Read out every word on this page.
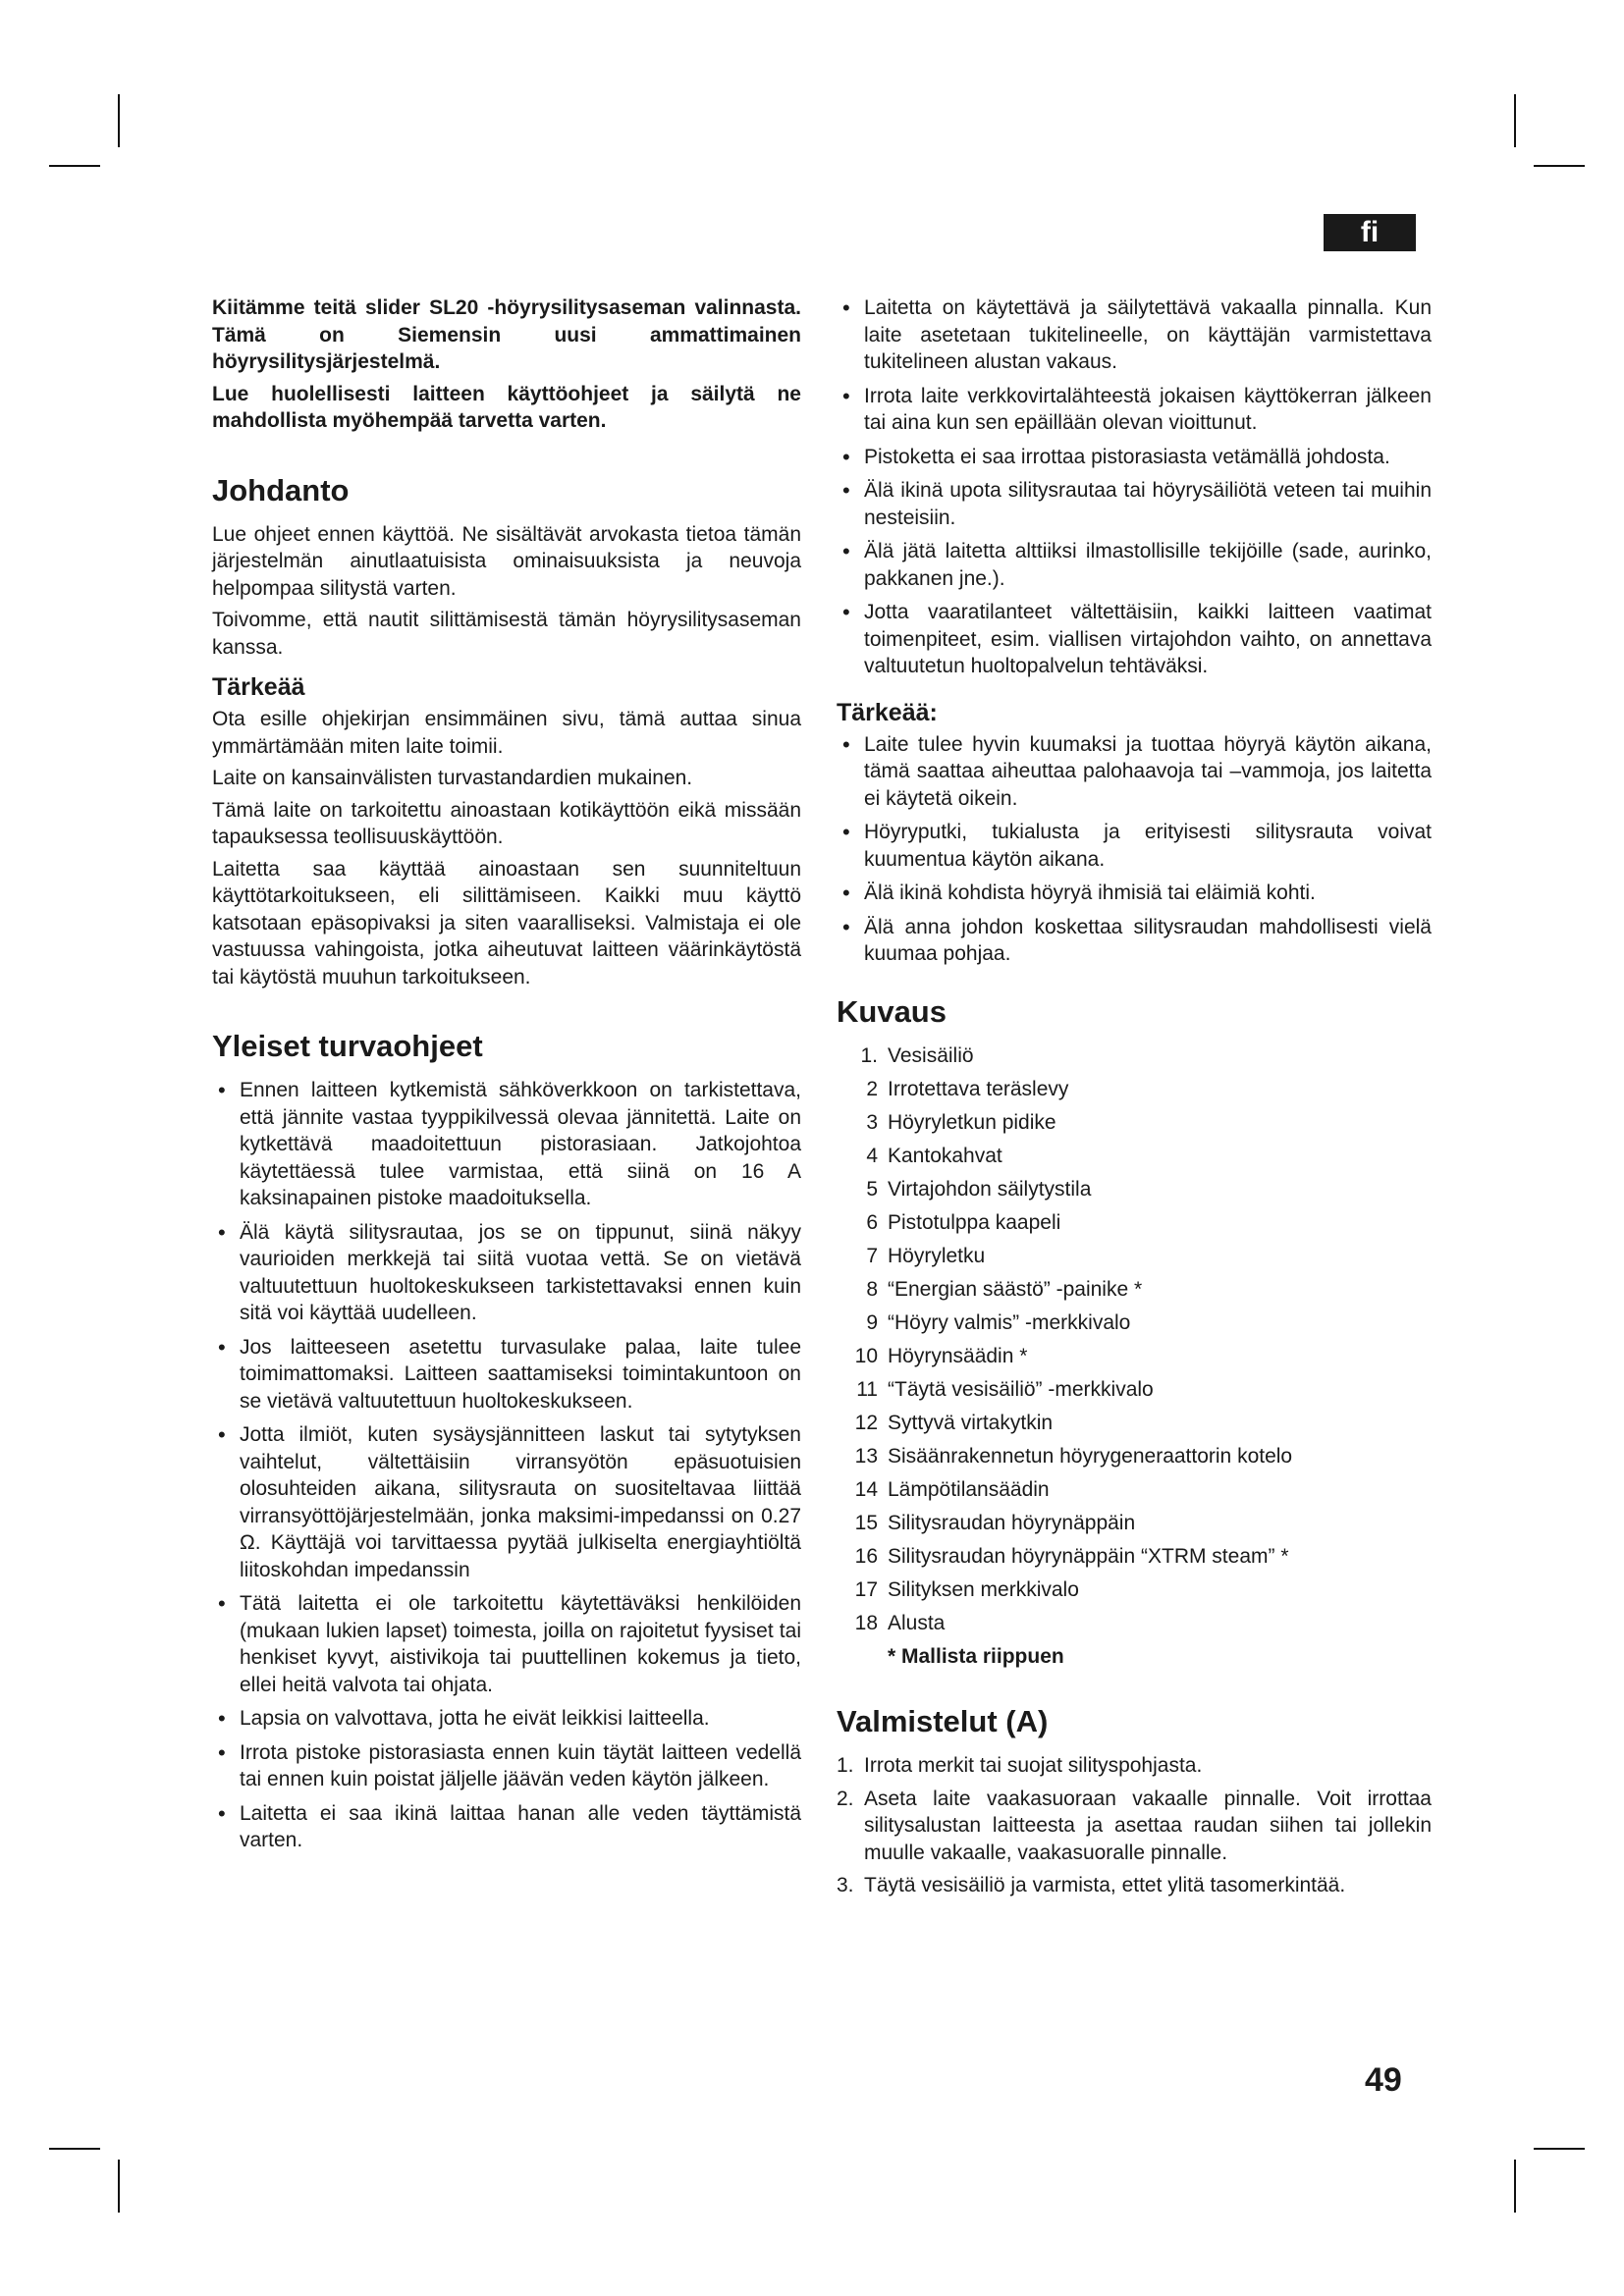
fi

Kiitämme teitä slider SL20 -höyrysilitysaseman valinnasta. Tämä on Siemensin uusi ammattimainen höyrysilitysjärjestelmä.

Lue huolellisesti laitteen käyttöohjeet ja säilytä ne mahdollista myöhempää tarvetta varten.

Johdanto

Lue ohjeet ennen käyttöä. Ne sisältävät arvokasta tietoa tämän järjestelmän ainutlaatuisista ominaisuuksista ja neuvoja helpompaa silitystä varten.

Toivomme, että nautit silittämisestä tämän höyrysilitysaseman kanssa.

Tärkeää

Ota esille ohjekirjan ensimmäinen sivu, tämä auttaa sinua ymmärtämään miten laite toimii.

Laite on kansainvälisten turvastandardien mukainen.

Tämä laite on tarkoitettu ainoastaan kotikäyttöön eikä missään tapauksessa teollisuuskäyttöön.

Laitetta saa käyttää ainoastaan sen suunniteltuun käyttötarkoitukseen, eli silittämiseen. Kaikki muu käyttö katsotaan epäsopivaksi ja siten vaaralliseksi. Valmistaja ei ole vastuussa vahingoista, jotka aiheutuvat laitteen väärinkäytöstä tai käytöstä muuhun tarkoitukseen.

Yleiset turvaohjeet
• Ennen laitteen kytkemistä sähköverkkoon on tarkistettava, että jännite vastaa tyyppikilvessä olevaa jännitettä. Laite on kytkettävä maadoitettuun pistorasiaan. Jatkojohtoa käytettäessä tulee varmistaa, että siinä on 16 A kaksinapainen pistoke maadoituksella.
• Älä käytä silitysrautaa, jos se on tippunut, siinä näkyy vaurioiden merkkejä tai siitä vuotaa vettä. Se on vietävä valtuutettuun huoltokeskukseen tarkistettavaksi ennen kuin sitä voi käyttää uudelleen.
• Jos laitteeseen asetettu turvasulake palaa, laite tulee toimimattomaksi. Laitteen saattamiseksi toimintakuntoon on se vietävä valtuutettuun huoltokeskukseen.
• Jotta ilmiöt, kuten sysäysjännitteen laskut tai sytytyksen vaihtelut, vältettäisiin virransyötön epäsuotuisien olosuhteiden aikana, silitysrauta on suositeltavaa liittää virransyöttöjärjestelmään, jonka maksimi-impedanssi on 0.27 Ω. Käyttäjä voi tarvittaessa pyytää julkiselta energiayhtiöltä liitoskohdan impedanssin
• Tätä laitetta ei ole tarkoitettu käytettäväksi henkilöiden (mukaan lukien lapset) toimesta, joilla on rajoitetut fyysiset tai henkiset kyvyt, aistivikoja tai puuttellinen kokemus ja tieto, ellei heitä valvota tai ohjata.
• Lapsia on valvottava, jotta he eivät leikkisi laitteella.
• Irrota pistoke pistorasiasta ennen kuin täytät laitteen vedellä tai ennen kuin poistat jäljelle jäävän veden käytön jälkeen.
• Laitetta ei saa ikinä laittaa hanan alle veden täyttämistä varten.
• Laitetta on käytettävä ja säilytettävä vakaalla pinnalla. Kun laite asetetaan tukitelineelle, on käyttäjän varmistettava tukitelineen alustan vakaus.
• Irrota laite verkkovirtalähteestä jokaisen käyttökerran jälkeen tai aina kun sen epäillään olevan vioittunut.
• Pistoketta ei saa irrottaa pistorasiasta vetämällä johdosta.
• Älä ikinä upota silitysrautaa tai höyrysäiliötä veteen tai muihin nesteisiin.
• Älä jätä laitetta alttiiksi ilmastollisille tekijöille (sade, aurinko, pakkanen jne.).
• Jotta vaaratilanteet vältettäisiin, kaikki laitteen vaatimat toimenpiteet, esim. viallisen virtajohdon vaihto, on annettava valtuutetun huoltopalvelun tehtäväksi.
Tärkeää:
• Laite tulee hyvin kuumaksi ja tuottaa höyryä käytön aikana, tämä saattaa aiheuttaa palohaavoja tai –vammoja, jos laitetta ei käytetä oikein.
• Höyryputki, tukialusta ja erityisesti silitysrauta voivat kuumentua käytön aikana.
• Älä ikinä kohdista höyryä ihmisiä tai eläimiä kohti.
• Älä anna johdon koskettaa silitysraudan mahdollisesti vielä kuumaa pohjaa.
Kuvaus
1. Vesisäiliö
2 Irrotettava teräslevy
3 Höyryletkun pidike
4 Kantokahvat
5 Virtajohdon säilytystila
6 Pistotulppa kaapeli
7 Höyryletku
8 “Energian säästö” -painike *
9 “Höyry valmis” -merkkivalo
10 Höyrynsäädin *
11 “Täytä vesisäiliö” -merkkivalo
12 Syttyvä virtakytkin
13 Sisäänrakennetun höyrygeneraattorin kotelo
14 Lämpötilansäädin
15 Silitysraudan höyrynäppäin
16 Silitysraudan höyrynäppäin “XTRM steam” *
17 Silityksen merkkivalo
18 Alusta

* Mallista riippuen

Valmistelut (A)
1. Irrota merkit tai suojat silityspohjasta.
2. Aseta laite vaakasuoraan vakaalle pinnalle. Voit irrottaa silitysalustan laitteesta ja asettaa raudan siihen tai jollekin muulle vakaalle, vaakasuoralle pinnalle.
3. Täytä vesisäiliö ja varmista, ettet ylitä tasomerkintää.
49
